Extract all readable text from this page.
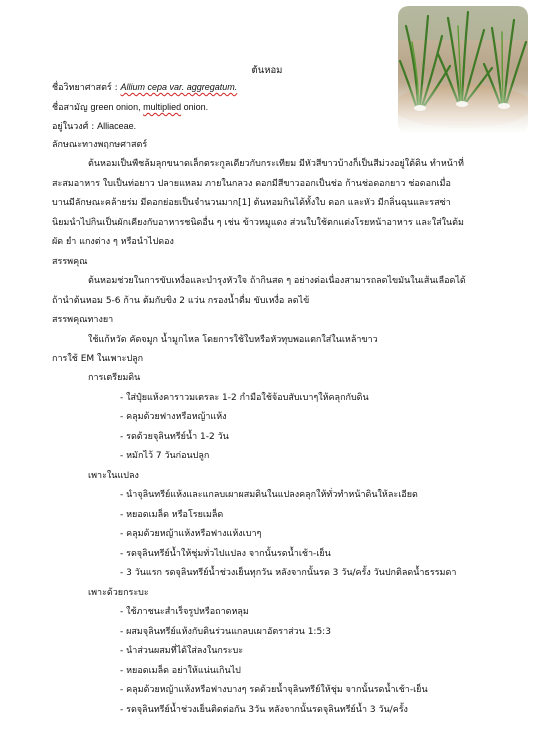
ต้นหอม
ชื่อวิทยาศาสตร์ : Allium cepa var. aggregatum.
ชื่อสามัญ green onion, multiplied onion.
อยู่ในวงศ์ : Alliaceae.
ลักษณะทางพฤกษศาสตร์
ต้นหอมเป็นพืชล้มลุกขนาดเล็กตระกูลเดียวกับกระเทียม มีหัวสีขาวบ้างก็เป็นสีม่วงอยู่ใต้ดิน ทำหน้าที่
สะสมอาหาร ใบเป็นท่อยาว ปลายแหลม ภายในกลวง ดอกมีสีขาวออกเป็นช่อ ก้านช่อดอกยาว ช่อดอกเมื่อ
บานมีลักษณะคล้ายร่ม มีดอกย่อยเป็นจำนวนมาก[1] ต้นหอมกินได้ทั้งใบ ดอก และหัว มีกลิ่นฉุนและรสซ่า
นิยมนำไปกินเป็นผักเคียงกับอาหารชนิดอื่น ๆ เช่น ข้าวหมูแดง ส่วนใบใช้ตกแต่งโรยหน้าอาหาร และใส่ในต้ม
ผัด ยำ แกงต่าง ๆ หรือนำไปดอง
สรรพคุณ
ต้นหอมช่วยในการขับเหงื่อและบำรุงหัวใจ ถ้ากินสด ๆ อย่างต่อเนื่องสามารถลดไขมันในเส้นเลือดได้
ถ้านำต้นหอม 5-6 ก้าน ต้มกับขิง 2 แว่น กรองน้ำดื่ม ขับเหงื่อ ลดไข้
สรรพคุณทางยา
ใช้แก้หวัด คัดจมูก น้ำมูกไหล โดยการใช้ใบหรือหัวทุบพอแตกใส่ในเหล้าขาว
การใช้ EM ในเพาะปลูก
การเตรียมดิน
- ใส่ปุ๋ยแห้งคาราวมเตรละ 1-2 กำมือใช้จ้อบสับเบาๆให้คลุกกับดิน
- คลุมด้วยฟางหรือหญ้าแห้ง
- รดด้วยจุลินทรีย์น้ำ 1-2 วัน
- หมักไว้ 7 วันก่อนปลูก
เพาะในแปลง
- นำจุลินทรีย์แห้งและแกลบเผาผสมดินในแปลงคลุกให้ทั่วทำหน้าดินให้ละเอียด
- หยอดเมล็ด หรือโรยเมล็ด
- คลุมด้วยหญ้าแห้งหรือฟางแห้งเบาๆ
- รดจุลินทรีย์น้ำให้ชุ่มทั่วไปแปลง จากนั้นรดน้ำเช้า-เย็น
- 3 วันแรก รดจุลินทรีย์น้ำช่วงเย็นทุกวัน หลังจากนั้นรด 3 วัน/ครั้ง วันปกติลดน้ำธรรมดา
เพาะด้วยกระบะ
- ใช้ภาชนะสำเร็จรูปหรือถาดหลุม
- ผสมจุลินทรีย์แห้งกับดินร่วนแกลบเผาอัตราส่วน 1:5:3
- นำส่วนผสมที่ได้ใส่ลงในกระบะ
- หยอดเมล็ด อย่าให้แน่นเกินไป
- คลุมด้วยหญ้าแห้งหรือฟางบางๆ รดด้วยน้ำจุลินทรีย์ให้ชุ่ม จากนั้นรดน้ำเช้า-เย็น
- รดจุลินทรีย์น้ำช่วงเย็นติดต่อกัน 3วัน หลังจากนั้นรดจุลินทรีย์น้ำ 3 วัน/ครั้ง
